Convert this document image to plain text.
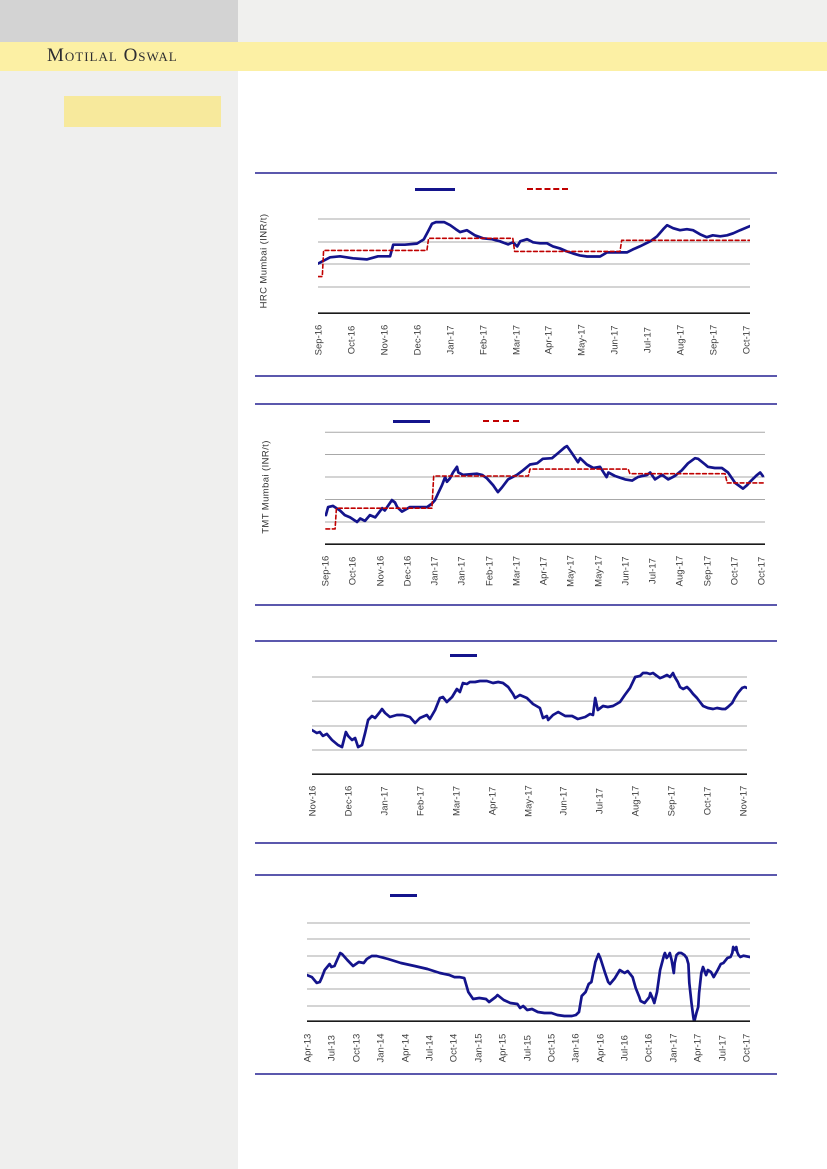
Motilal Oswal
HRC Mumbai (INR/t)
Sep-16 Oct-16 Nov-16 Dec-16 Jan-17 Feb-17 Mar-17 Apr-17 May-17 Jun-17 Jul-17 Aug-17 Sep-17 Oct-17
TMT Mumbai (INR/t)
Sep-16 Oct-16 Nov-16 Dec-16 Jan-17 Jan-17 Feb-17 Mar-17 Apr-17 May-17 May-17 Jun-17 Jul-17 Aug-17 Sep-17 Oct-17 Oct-17
Nov-16	Dec-16	Jan-17	Feb-17	Mar-17	Apr-17	May-17	Jun-17	Jul-17	Aug-17	Sep-17	Oct-17	Nov-17
Apr-13 Jul-13 Oct-13 Jan-14 Apr-14 Jul-14 Oct-14 Jan-15 Apr-15 Jul-15 Oct-15 Jan-16 Apr-16 Jul-16 Oct-16 Jan-17 Apr-17 Jul-17 Oct-17
